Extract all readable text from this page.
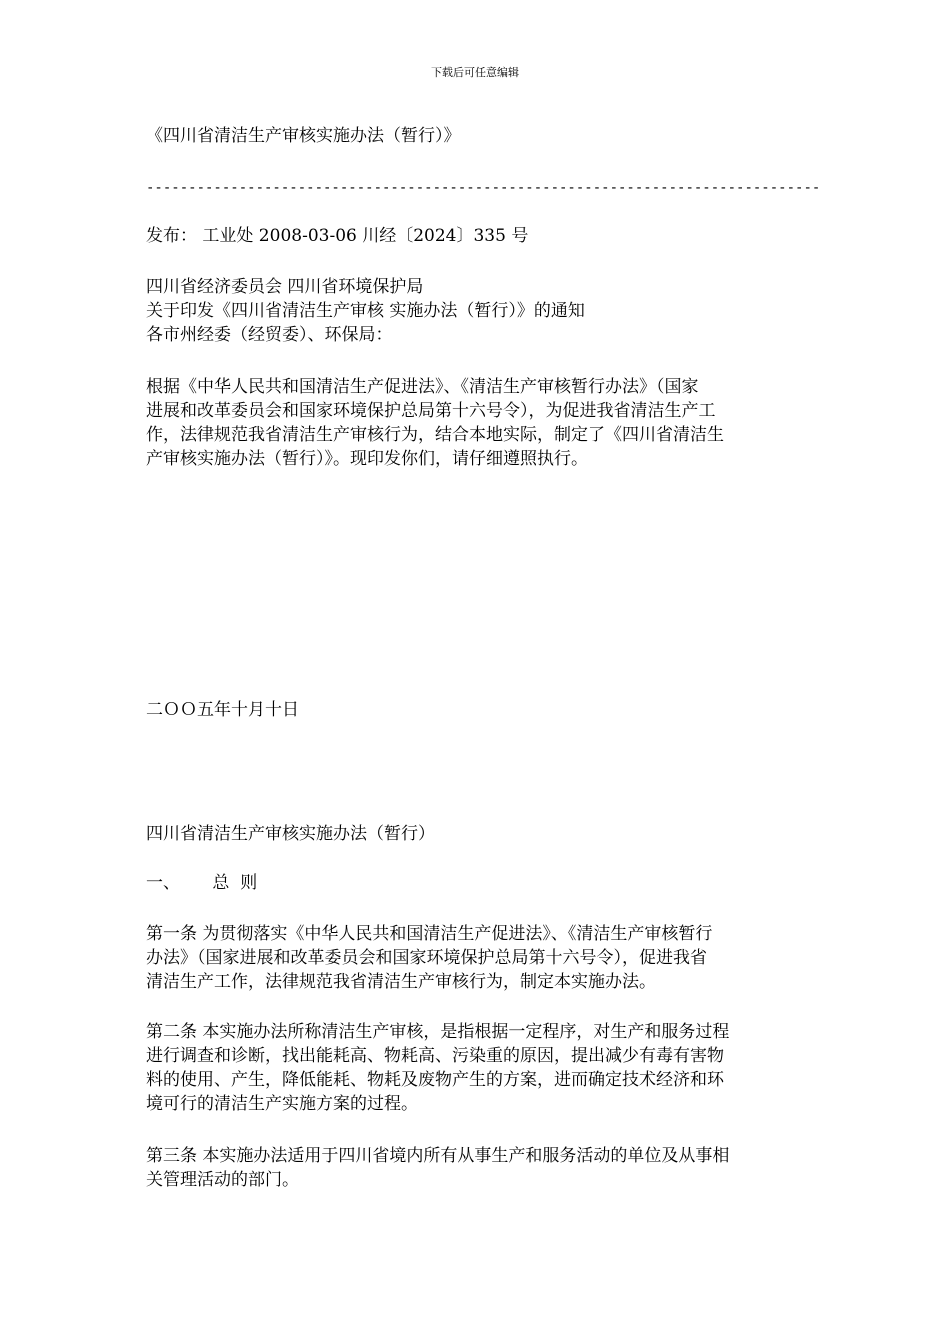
下载后可任意编辑
《四川省清洁生产审核实施办法（暂行）》
--------------------------------------------------------------------------------
发布： 工业处 2008-03-06 川经〔2024〕335 号
四川省经济委员会 四川省环境保护局
关于印发《四川省清洁生产审核 实施办法（暂行）》的通知
各市州经委（经贸委）、环保局：
根据《中华人民共和国清洁生产促进法》、《清洁生产审核暂行办法》（国家
进展和改革委员会和国家环境保护总局第十六号令），为促进我省清洁生产工
作，法律规范我省清洁生产审核行为，结合本地实际，制定了《四川省清洁生
产审核实施办法（暂行）》。现印发你们，请仔细遵照执行。
二ＯＯ五年十月十日
四川省清洁生产审核实施办法（暂行）
一、      总  则
第一条 为贯彻落实《中华人民共和国清洁生产促进法》、《清洁生产审核暂行
办法》（国家进展和改革委员会和国家环境保护总局第十六号令），促进我省
清洁生产工作，法律规范我省清洁生产审核行为，制定本实施办法。
第二条 本实施办法所称清洁生产审核，是指根据一定程序，对生产和服务过程
进行调查和诊断，找出能耗高、物耗高、污染重的原因，提出减少有毒有害物
料的使用、产生，降低能耗、物耗及废物产生的方案，进而确定技术经济和环
境可行的清洁生产实施方案的过程。
第三条 本实施办法适用于四川省境内所有从事生产和服务活动的单位及从事相
关管理活动的部门。
